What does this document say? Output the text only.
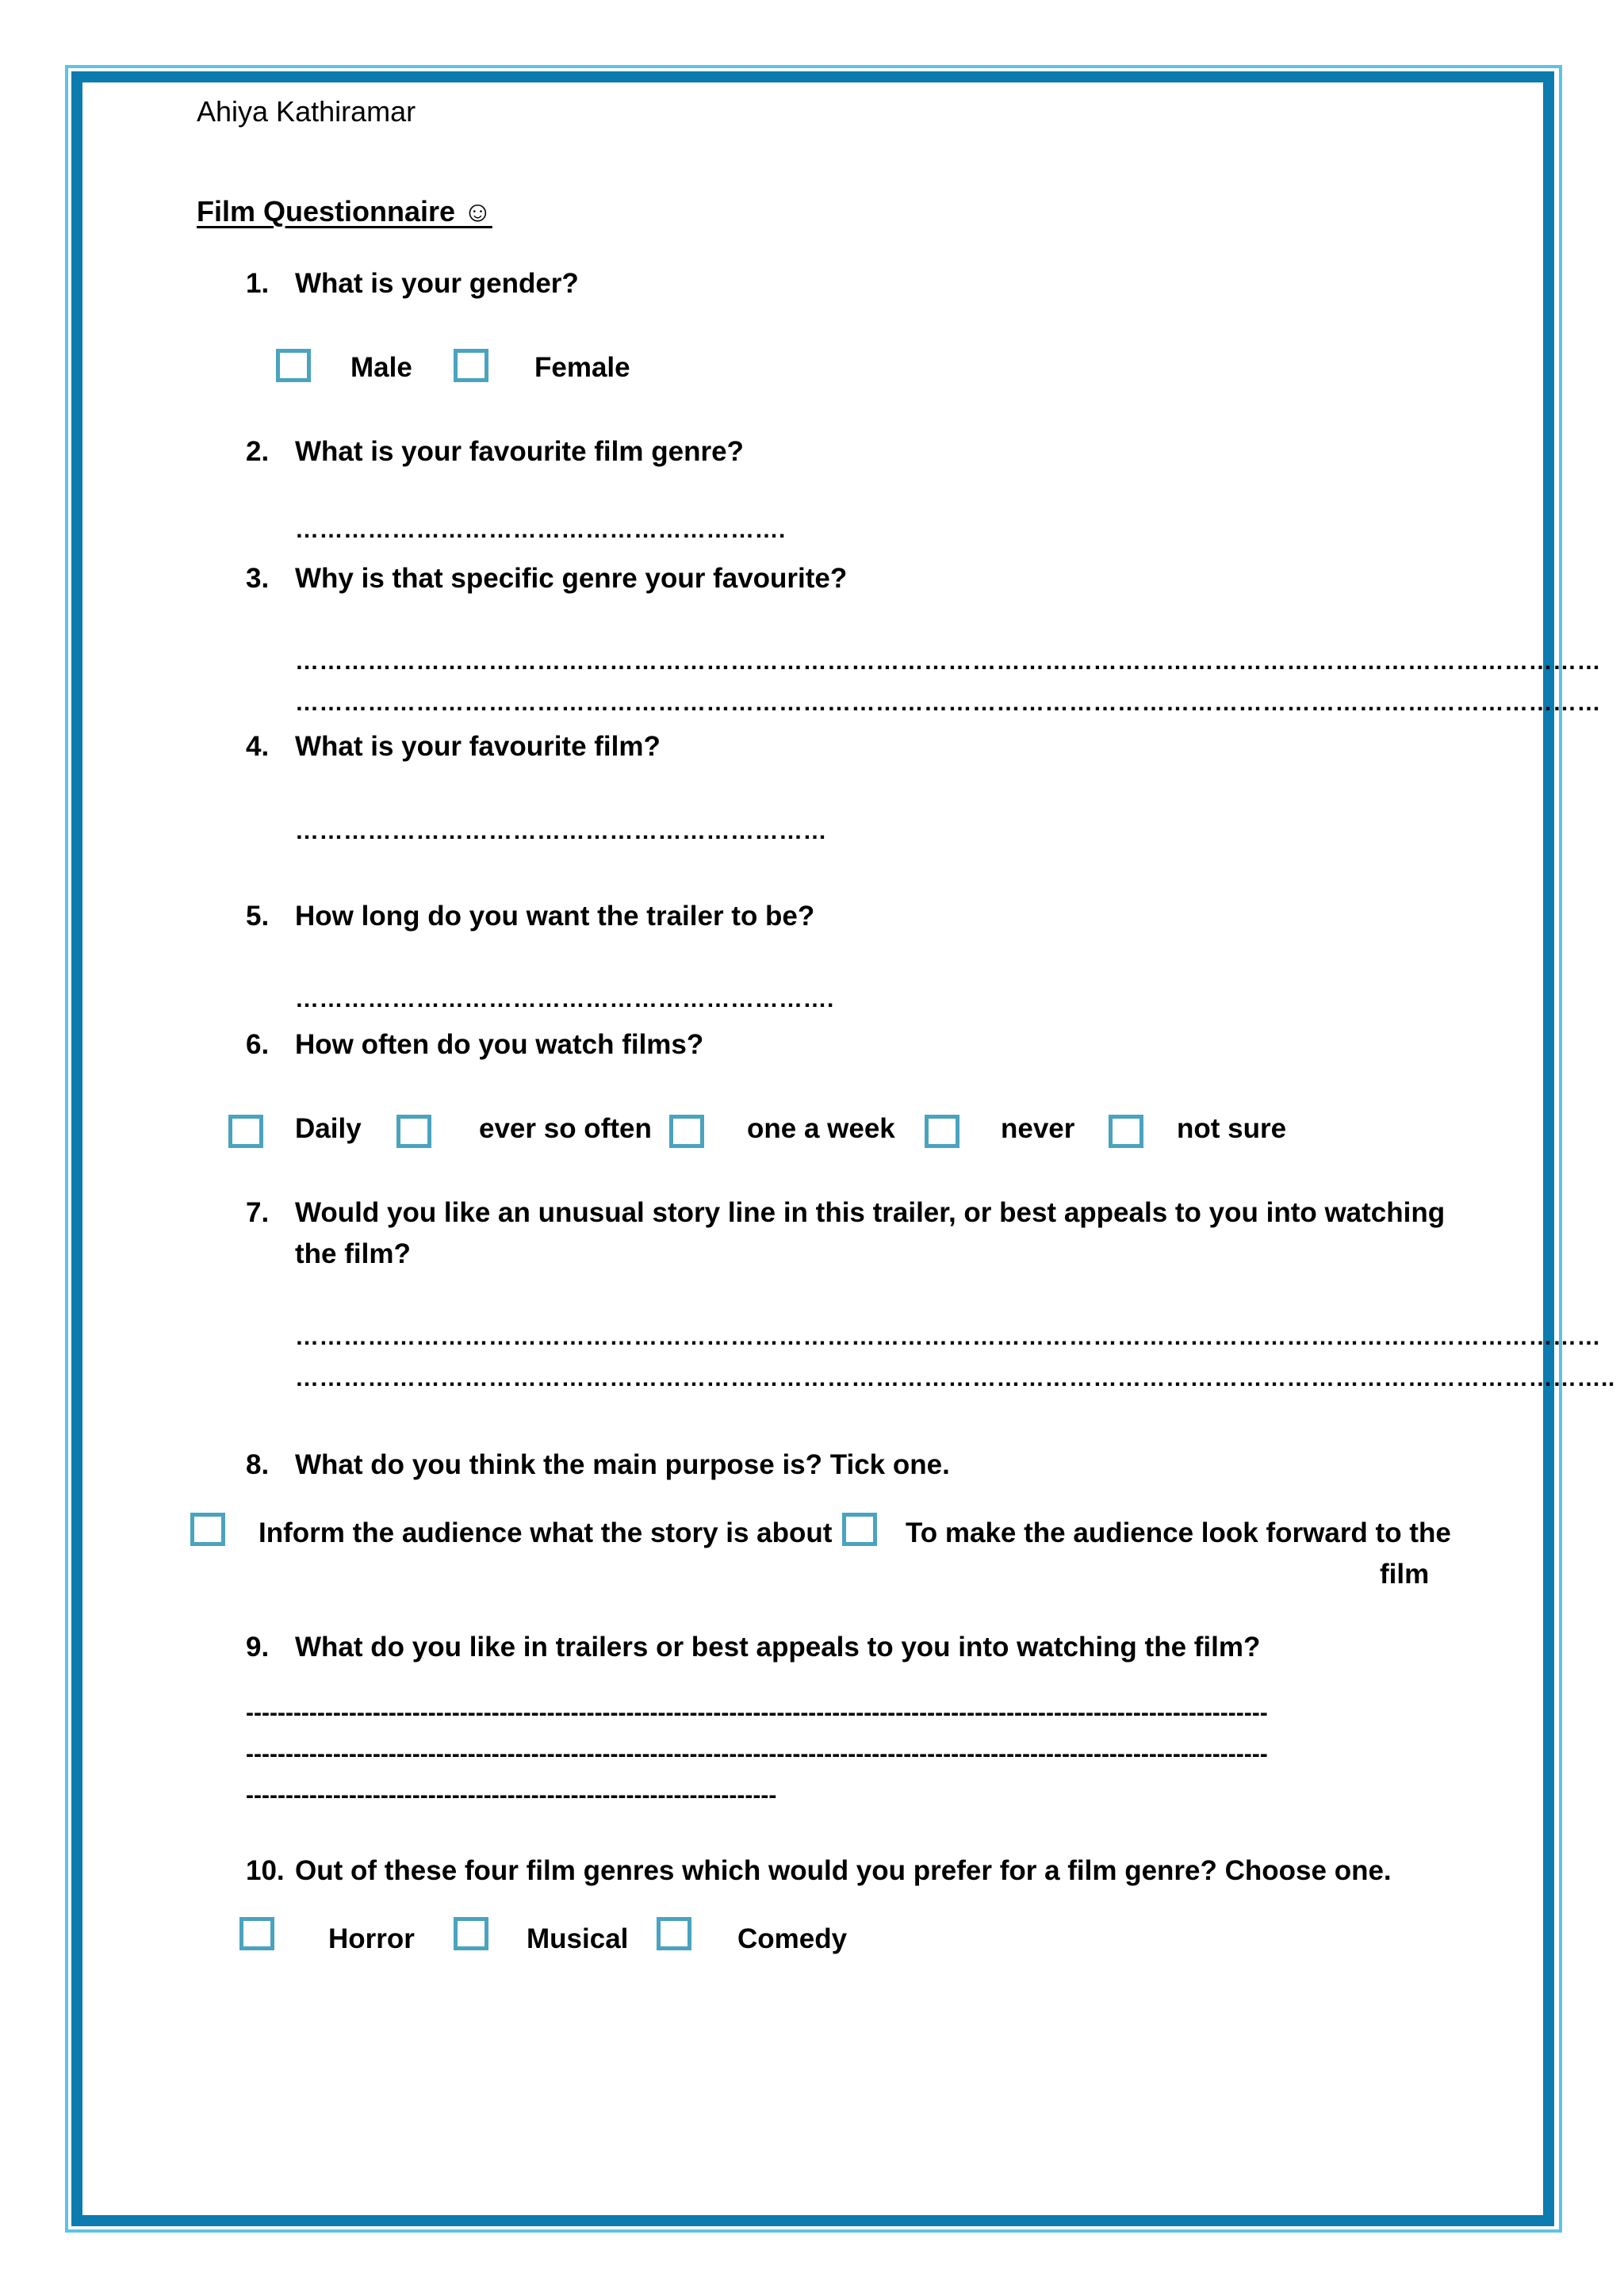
Ahiya Kathiramar
Film Questionnaire ☺
1. What is your gender?
Male	Female
2. What is your favourite film genre?
…………………………………………………….
3. Why is that specific genre your favourite?
………………………………………………………………………………………………………………………………………………
………………………………………………………………………………………………………………………………………………
4. What is your favourite film?
…………………………………………………………
5. How long do you want the trailer to be?
………………………………………………………….
6. How often do you watch films?
Daily	ever so often	one a week	never	not sure
7. Would you like an unusual story line in this trailer, or best appeals to you into watching
the film?
………………………………………………………………………………………………………………………………………………
………………………………………………………………………………………………………………………………………………..
8. What do you think the main purpose is? Tick one.
Inform the audience what the story is about	To make the audience look forward to the
film
9. What do you like in trailers or best appeals to you into watching the film?
---------------------------------------------------------------------------------------------------------------------------------
---------------------------------------------------------------------------------------------------------------------------------
-------------------------------------------------------------------
10. Out of these four film genres which would you prefer for a film genre? Choose one.
Horror	Musical	Comedy
